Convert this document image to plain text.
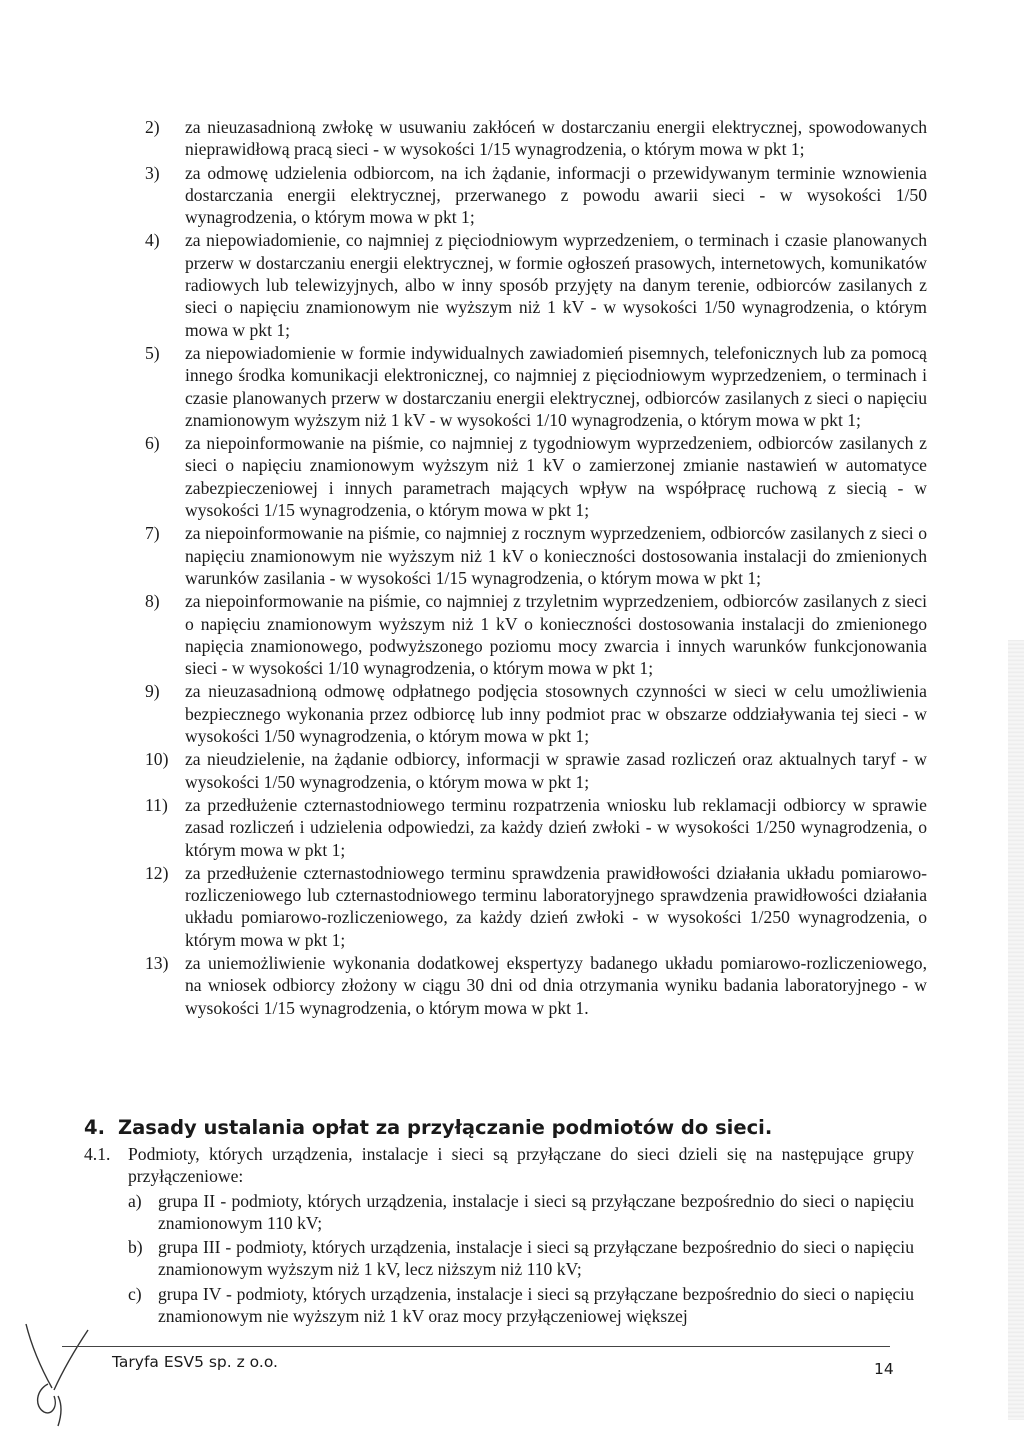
2) za nieuzasadnioną zwłokę w usuwaniu zakłóceń w dostarczaniu energii elektrycznej, spowodowanych nieprawidłową pracą sieci - w wysokości 1/15 wynagrodzenia, o którym mowa w pkt 1;
3) za odmowę udzielenia odbiorcom, na ich żądanie, informacji o przewidywanym terminie wznowienia dostarczania energii elektrycznej, przerwanego z powodu awarii sieci - w wysokości 1/50 wynagrodzenia, o którym mowa w pkt 1;
4) za niepowiadomienie, co najmniej z pięciodniowym wyprzedzeniem, o terminach i czasie planowanych przerw w dostarczaniu energii elektrycznej, w formie ogłoszeń prasowych, internetowych, komunikatów radiowych lub telewizyjnych, albo w inny sposób przyjęty na danym terenie, odbiorców zasilanych z sieci o napięciu znamionowym nie wyższym niż 1 kV - w wysokości 1/50 wynagrodzenia, o którym mowa w pkt 1;
5) za niepowiadomienie w formie indywidualnych zawiadomień pisemnych, telefonicznych lub za pomocą innego środka komunikacji elektronicznej, co najmniej z pięciodniowym wyprzedzeniem, o terminach i czasie planowanych przerw w dostarczaniu energii elektrycznej, odbiorców zasilanych z sieci o napięciu znamionowym wyższym niż 1 kV - w wysokości 1/10 wynagrodzenia, o którym mowa w pkt 1;
6) za niepoinformowanie na piśmie, co najmniej z tygodniowym wyprzedzeniem, odbiorców zasilanych z sieci o napięciu znamionowym wyższym niż 1 kV o zamierzonej zmianie nastawień w automatyce zabezpieczeniowej i innych parametrach mających wpływ na współpracę ruchową z siecią - w wysokości 1/15 wynagrodzenia, o którym mowa w pkt 1;
7) za niepoinformowanie na piśmie, co najmniej z rocznym wyprzedzeniem, odbiorców zasilanych z sieci o napięciu znamionowym nie wyższym niż 1 kV o konieczności dostosowania instalacji do zmienionych warunków zasilania - w wysokości 1/15 wynagrodzenia, o którym mowa w pkt 1;
8) za niepoinformowanie na piśmie, co najmniej z trzyletnim wyprzedzeniem, odbiorców zasilanych z sieci o napięciu znamionowym wyższym niż 1 kV o konieczności dostosowania instalacji do zmienionego napięcia znamionowego, podwyższonego poziomu mocy zwarcia i innych warunków funkcjonowania sieci - w wysokości 1/10 wynagrodzenia, o którym mowa w pkt 1;
9) za nieuzasadnioną odmowę odpłatnego podjęcia stosownych czynności w sieci w celu umożliwienia bezpiecznego wykonania przez odbiorcę lub inny podmiot prac w obszarze oddziaływania tej sieci - w wysokości 1/50 wynagrodzenia, o którym mowa w pkt 1;
10) za nieudzielenie, na żądanie odbiorcy, informacji w sprawie zasad rozliczeń oraz aktualnych taryf - w wysokości 1/50 wynagrodzenia, o którym mowa w pkt 1;
11) za przedłużenie czternastodniowego terminu rozpatrzenia wniosku lub reklamacji odbiorcy w sprawie zasad rozliczeń i udzielenia odpowiedzi, za każdy dzień zwłoki - w wysokości 1/250 wynagrodzenia, o którym mowa w pkt 1;
12) za przedłużenie czternastodniowego terminu sprawdzenia prawidłowości działania układu pomiarowo-rozliczeniowego lub czternastodniowego terminu laboratoryjnego sprawdzenia prawidłowości działania układu pomiarowo-rozliczeniowego, za każdy dzień zwłoki - w wysokości 1/250 wynagrodzenia, o którym mowa w pkt 1;
13) za uniemożliwienie wykonania dodatkowej ekspertyzy badanego układu pomiarowo-rozliczeniowego, na wniosek odbiorcy złożony w ciągu 30 dni od dnia otrzymania wyniku badania laboratoryjnego - w wysokości 1/15 wynagrodzenia, o którym mowa w pkt 1.
4. Zasady ustalania opłat za przyłączanie podmiotów do sieci.
4.1. Podmioty, których urządzenia, instalacje i sieci są przyłączane do sieci dzieli się na następujące grupy przyłączeniowe:
a) grupa II - podmioty, których urządzenia, instalacje i sieci są przyłączane bezpośrednio do sieci o napięciu znamionowym 110 kV;
b) grupa III - podmioty, których urządzenia, instalacje i sieci są przyłączane bezpośrednio do sieci o napięciu znamionowym wyższym niż 1 kV, lecz niższym niż 110 kV;
c) grupa IV - podmioty, których urządzenia, instalacje i sieci są przyłączane bezpośrednio do sieci o napięciu znamionowym nie wyższym niż 1 kV oraz mocy przyłączeniowej większej
Taryfa ESV5 sp. z o.o.	14
